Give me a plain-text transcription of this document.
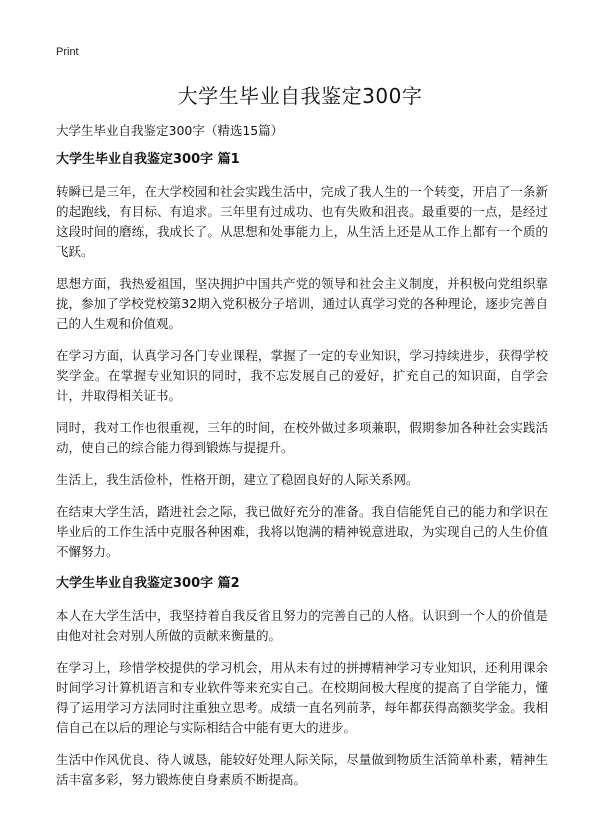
Print
大学生毕业自我鉴定300字
大学生毕业自我鉴定300字（精选15篇）
大学生毕业自我鉴定300字 篇1

转瞬已是三年，在大学校园和社会实践生活中，完成了我人生的一个转变，开启了一条新的起跑线，有目标、有追求。三年里有过成功、也有失败和沮丧。最重要的一点，是经过这段时间的磨练，我成长了。从思想和处事能力上，从生活上还是从工作上都有一个质的飞跃。

思想方面，我热爱祖国，坚决拥护中国共产党的领导和社会主义制度，并积极向党组织靠拢，参加了学校党校第32期入党积极分子培训，通过认真学习党的各种理论，逐步完善自己的人生观和价值观。

在学习方面，认真学习各门专业课程，掌握了一定的专业知识，学习持续进步，获得学校奖学金。在掌握专业知识的同时，我不忘发展自己的爱好，扩充自己的知识面，自学会计，并取得相关证书。

同时，我对工作也很重视，三年的时间，在校外做过多项兼职，假期参加各种社会实践活动，使自己的综合能力得到锻炼与提提升。

生活上，我生活俭朴，性格开朗，建立了稳固良好的人际关系网。

在结束大学生活，踏进社会之际，我已做好充分的准备。我自信能凭自己的能力和学识在毕业后的工作生活中克服各种困难，我将以饱满的精神锐意进取，为实现自己的人生价值不懈努力。

大学生毕业自我鉴定300字 篇2

本人在大学生活中，我坚持着自我反省且努力的完善自己的人格。认识到一个人的价值是由他对社会对别人所做的贡献来衡量的。

在学习上，珍惜学校提供的学习机会，用从未有过的拼搏精神学习专业知识，还利用课余时间学习计算机语言和专业软件等来充实自己。在校期间极大程度的提高了自学能力，懂得了运用学习方法同时注重独立思考。成绩一直名列前茅，每年都获得高额奖学金。我相信自己在以后的理论与实际相结合中能有更大的进步。

生活中作风优良、待人诚恳，能较好处理人际关际，尽量做到物质生活简单朴素，精神生活丰富多彩，努力锻炼使自身素质不断提高。
